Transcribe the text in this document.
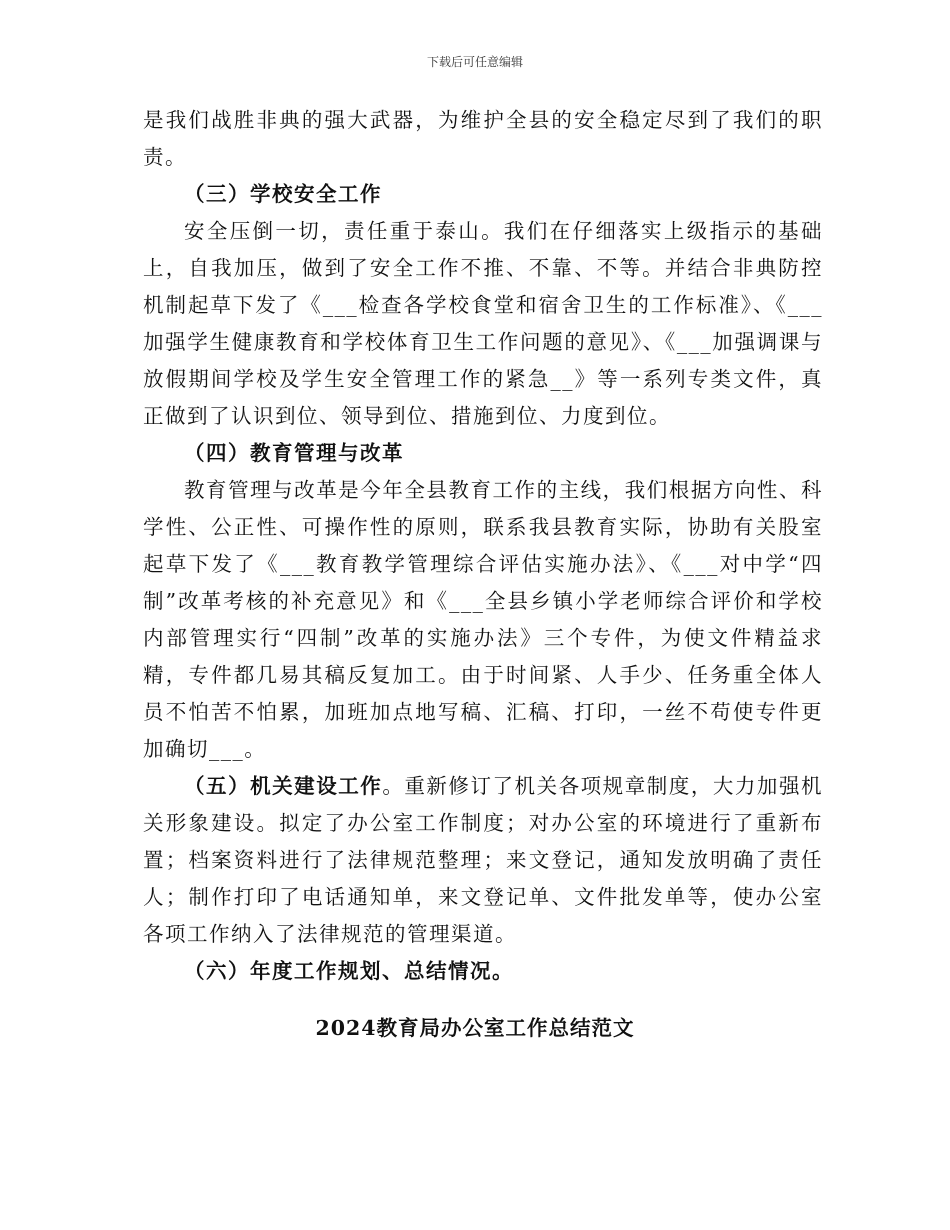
下载后可任意编辑

是我们战胜非典的强大武器，为维护全县的安全稳定尽到了我们的职责。

（三）学校安全工作

安全压倒一切，责任重于泰山。我们在仔细落实上级指示的基础上，自我加压，做到了安全工作不推、不靠、不等。并结合非典防控机制起草下发了《___检查各学校食堂和宿舍卫生的工作标准》、《___加强学生健康教育和学校体育卫生工作问题的意见》、《___加强调课与放假期间学校及学生安全管理工作的紧急__》等一系列专类文件，真正做到了认识到位、领导到位、措施到位、力度到位。

（四）教育管理与改革

教育管理与改革是今年全县教育工作的主线，我们根据方向性、科学性、公正性、可操作性的原则，联系我县教育实际，协助有关股室起草下发了《___教育教学管理综合评估实施办法》、《___对中学“四制”改革考核的补充意见》和《___全县乡镇小学老师综合评价和学校内部管理实行“四制”改革的实施办法》三个专件，为使文件精益求精，专件都几易其稿反复加工。由于时间紧、人手少、任务重全体人员不怕苦不怕累，加班加点地写稿、汇稿、打印，一丝不苟使专件更加确切___。

（五）机关建设工作。重新修订了机关各项规章制度，大力加强机关形象建设。拟定了办公室工作制度；对办公室的环境进行了重新布置；档案资料进行了法律规范整理；来文登记，通知发放明确了责任人；制作打印了电话通知单，来文登记单、文件批发单等，使办公室各项工作纳入了法律规范的管理渠道。

（六）年度工作规划、总结情况。

2024教育局办公室工作总结范文
